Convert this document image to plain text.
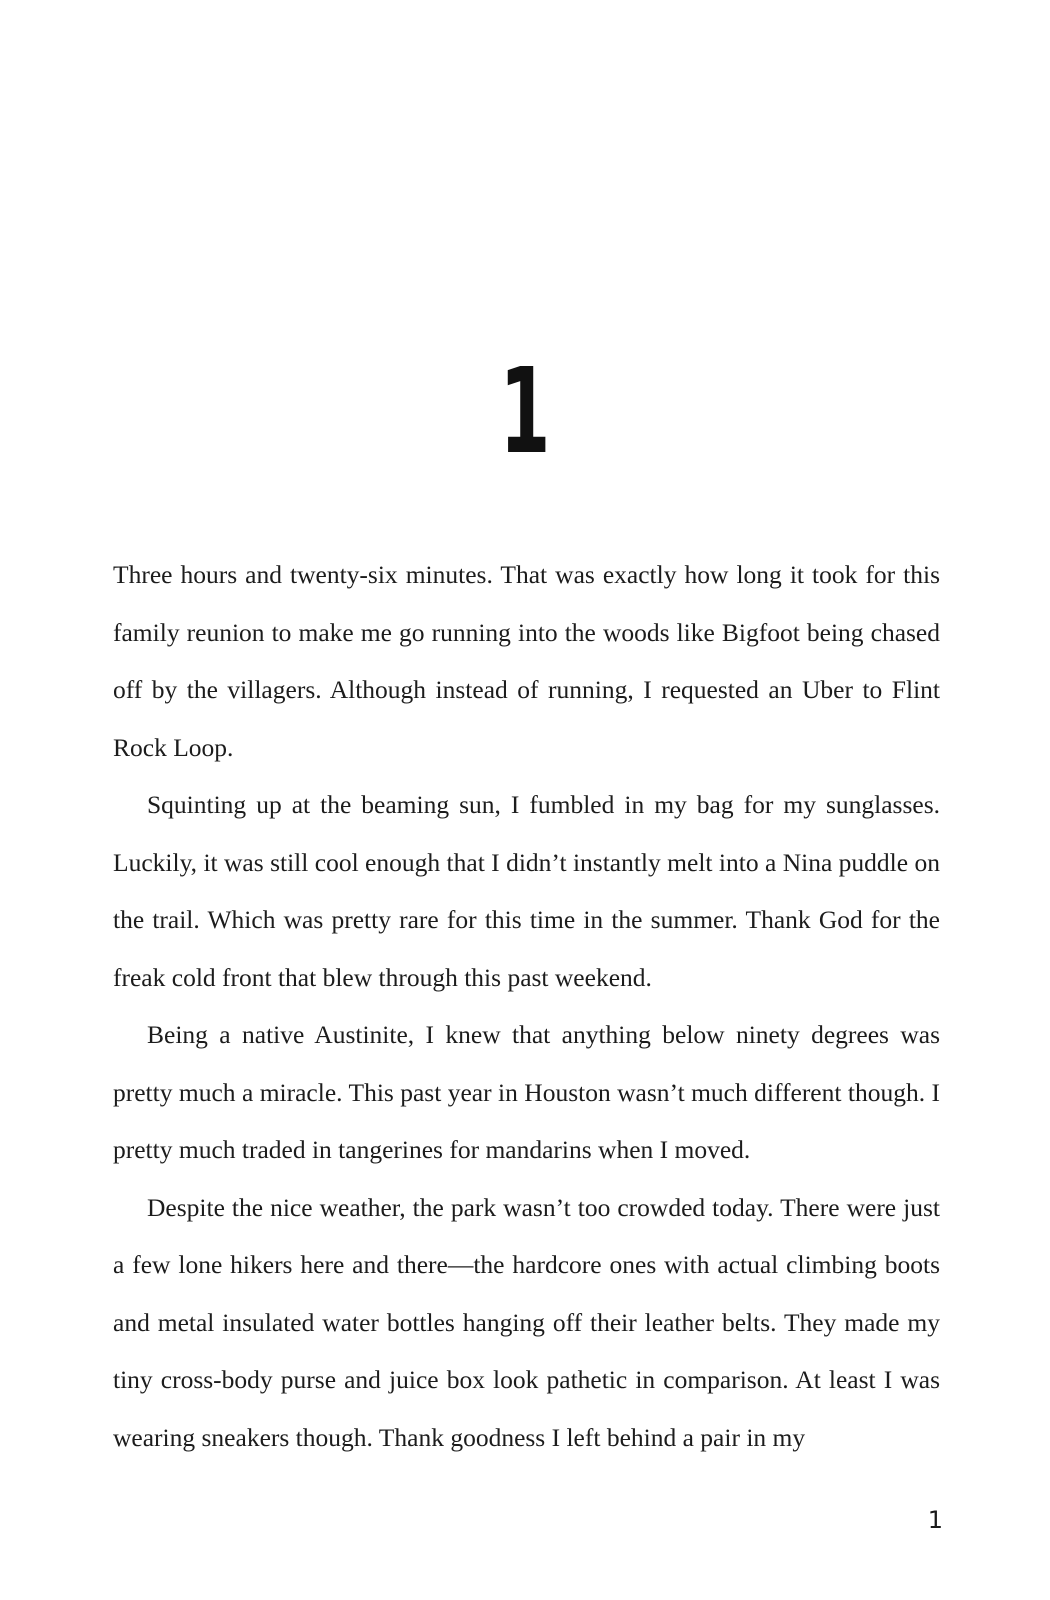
1

Three hours and twenty-six minutes. That was exactly how long it took for this family reunion to make me go running into the woods like Bigfoot being chased off by the villagers. Although instead of running, I requested an Uber to Flint Rock Loop.

Squinting up at the beaming sun, I fumbled in my bag for my sunglasses. Luckily, it was still cool enough that I didn’t instantly melt into a Nina puddle on the trail. Which was pretty rare for this time in the summer. Thank God for the freak cold front that blew through this past weekend.

Being a native Austinite, I knew that anything below ninety degrees was pretty much a miracle. This past year in Houston wasn’t much different though. I pretty much traded in tangerines for mandarins when I moved.

Despite the nice weather, the park wasn’t too crowded today. There were just a few lone hikers here and there—the hardcore ones with actual climbing boots and metal insulated water bottles hanging off their leather belts. They made my tiny cross-body purse and juice box look pathetic in comparison. At least I was wearing sneakers though. Thank goodness I left behind a pair in my

1
